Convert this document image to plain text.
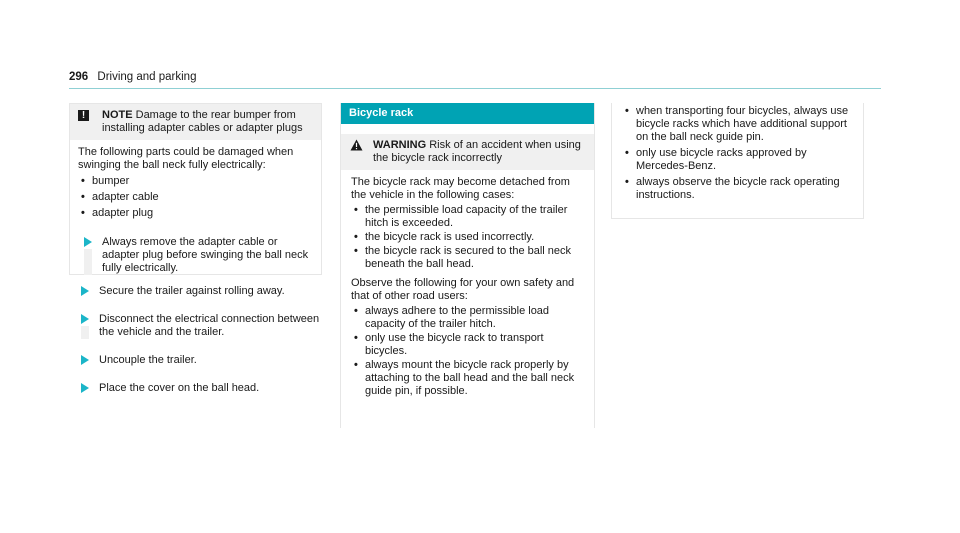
296 Driving and parking
!	NOTE Damage to the rear bumper from installing adapter cables or adapter plugs

The following parts could be damaged when swinging the ball neck fully electrically:

• bumper
• adapter cable
• adapter plug

Always remove the adapter cable or adapter plug before swinging the ball neck fully electrically.

Secure the trailer against rolling away.

Disconnect the electrical connection between the vehicle and the trailer.

Uncouple the trailer.

Place the cover on the ball head.

Bicycle rack
WARNING Risk of an accident when using the bicycle rack incorrectly

The bicycle rack may become detached from the vehicle in the following cases:

• the permissible load capacity of the trailer hitch is exceeded.
• the bicycle rack is used incorrectly.
• the bicycle rack is secured to the ball neck beneath the ball head.

Observe the following for your own safety and that of other road users:

• always adhere to the permissible load capacity of the trailer hitch.
• only use the bicycle rack to transport bicycles.
• always mount the bicycle rack properly by attaching to the ball head and the ball neck guide pin, if possible.
• when transporting four bicycles, always use bicycle racks which have additional support on the ball neck guide pin.
• only use bicycle racks approved by Mercedes-Benz.
• always observe the bicycle rack operating instructions.
